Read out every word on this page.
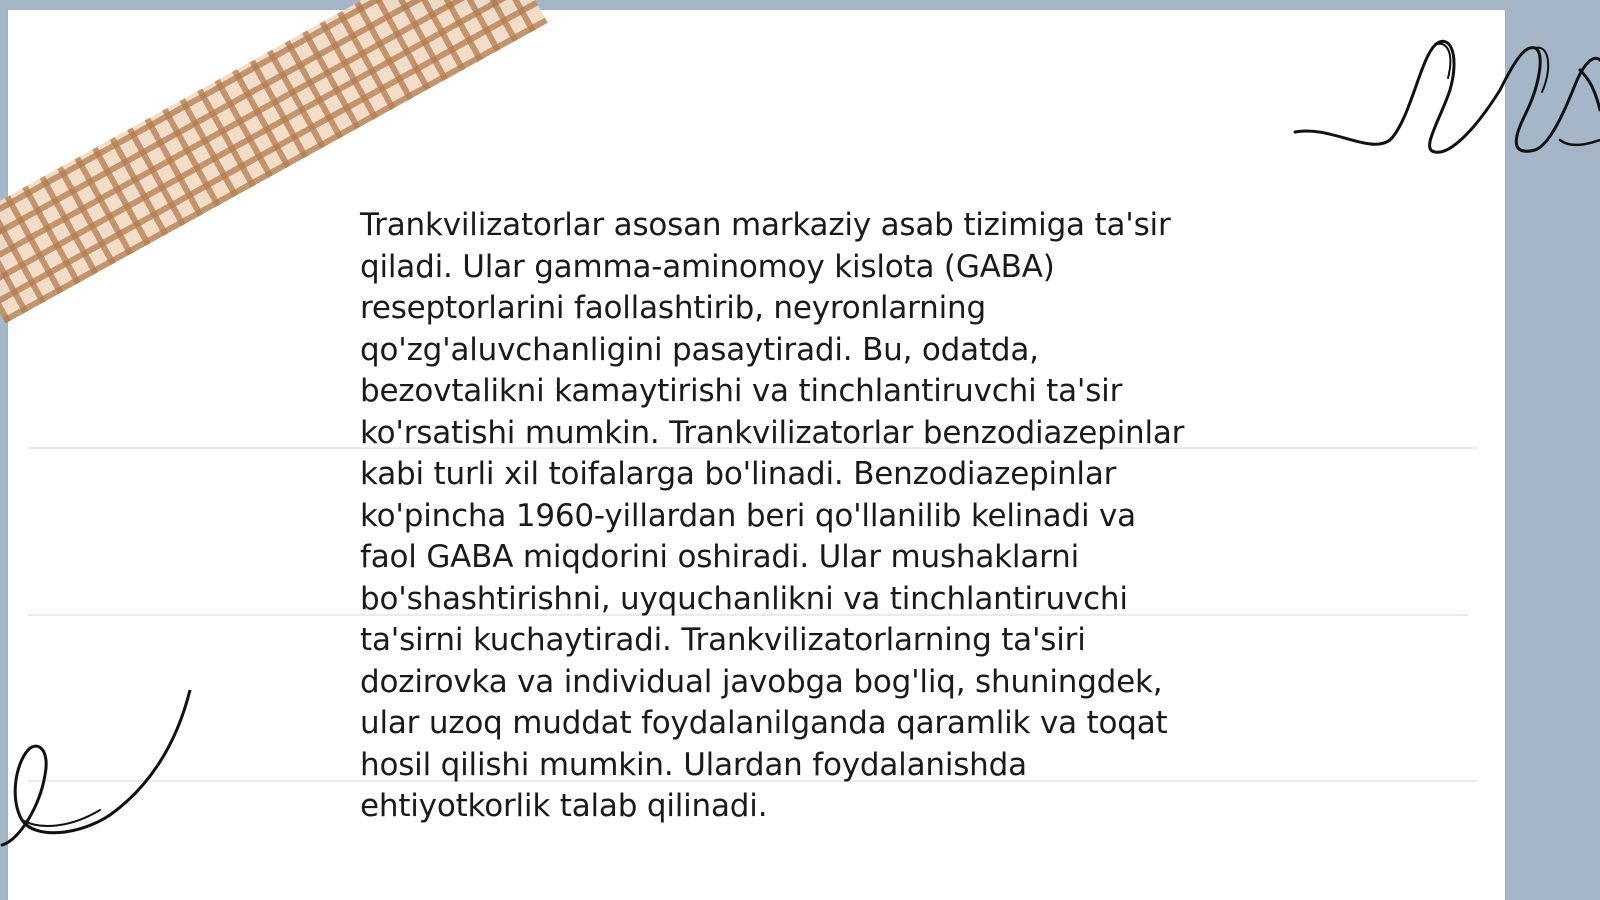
Trankvilizatorlar asosan markaziy asab tizimiga ta'sir
qiladi. Ular gamma-aminomoy kislota (GABA)
reseptorlarini faollashtirib, neyronlarning
qo'zg'aluvchanligini pasaytiradi. Bu, odatda,
bezovtalikni kamaytirishi va tinchlantiruvchi ta'sir
ko'rsatishi mumkin. Trankvilizatorlar benzodiazepinlar
kabi turli xil toifalarga bo'linadi. Benzodiazepinlar
ko'pincha 1960-yillardan beri qo'llanilib kelinadi va
faol GABA miqdorini oshiradi. Ular mushaklarni
bo'shashtirishni, uyquchanlikni va tinchlantiruvchi
ta'sirni kuchaytiradi. Trankvilizatorlarning ta'siri
dozirovka va individual javobga bog'liq, shuningdek,
ular uzoq muddat foydalanilganda qaramlik va toqat
hosil qilishi mumkin. Ulardan foydalanishda
ehtiyotkorlik talab qilinadi.
